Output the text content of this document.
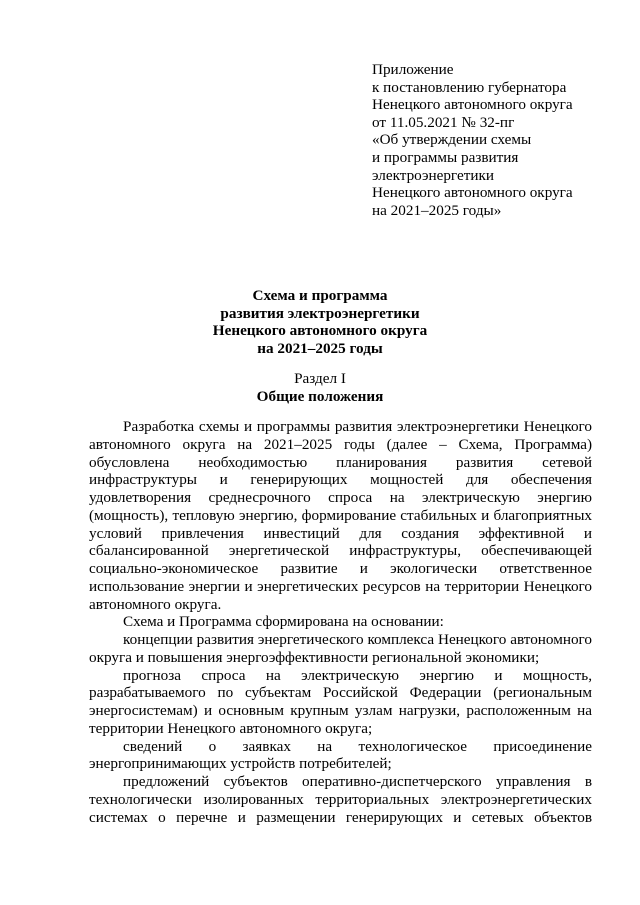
Приложение
к постановлению губернатора
Ненецкого автономного округа
от 11.05.2021 № 32-пг
«Об утверждении схемы
и программы развития
электроэнергетики
Ненецкого автономного округа
на 2021–2025 годы»
Схема и программа
развития электроэнергетики
Ненецкого автономного округа
на 2021–2025 годы
Раздел I
Общие положения

Разработка схемы и программы развития электроэнергетики Ненецкого автономного округа на 2021–2025 годы (далее – Схема, Программа) обусловлена необходимостью планирования развития сетевой инфраструктуры и генерирующих мощностей для обеспечения удовлетворения среднесрочного спроса на электрическую энергию (мощность), тепловую энергию, формирование стабильных и благоприятных условий привлечения инвестиций для создания эффективной и сбалансированной энергетической инфраструктуры, обеспечивающей социально-экономическое развитие и экологически ответственное использование энергии и энергетических ресурсов на территории Ненецкого автономного округа.

Схема и Программа сформирована на основании:

концепции развития энергетического комплекса Ненецкого автономного округа и повышения энергоэффективности региональной экономики;

прогноза спроса на электрическую энергию и мощность, разрабатываемого по субъектам Российской Федерации (региональным энергосистемам) и основным крупным узлам нагрузки, расположенным на территории Ненецкого автономного округа;

сведений о заявках на технологическое присоединение энергопринимающих устройств потребителей;

предложений субъектов оперативно-диспетчерского управления в технологически изолированных территориальных электроэнергетических системах о перечне и размещении генерирующих и сетевых объектов
